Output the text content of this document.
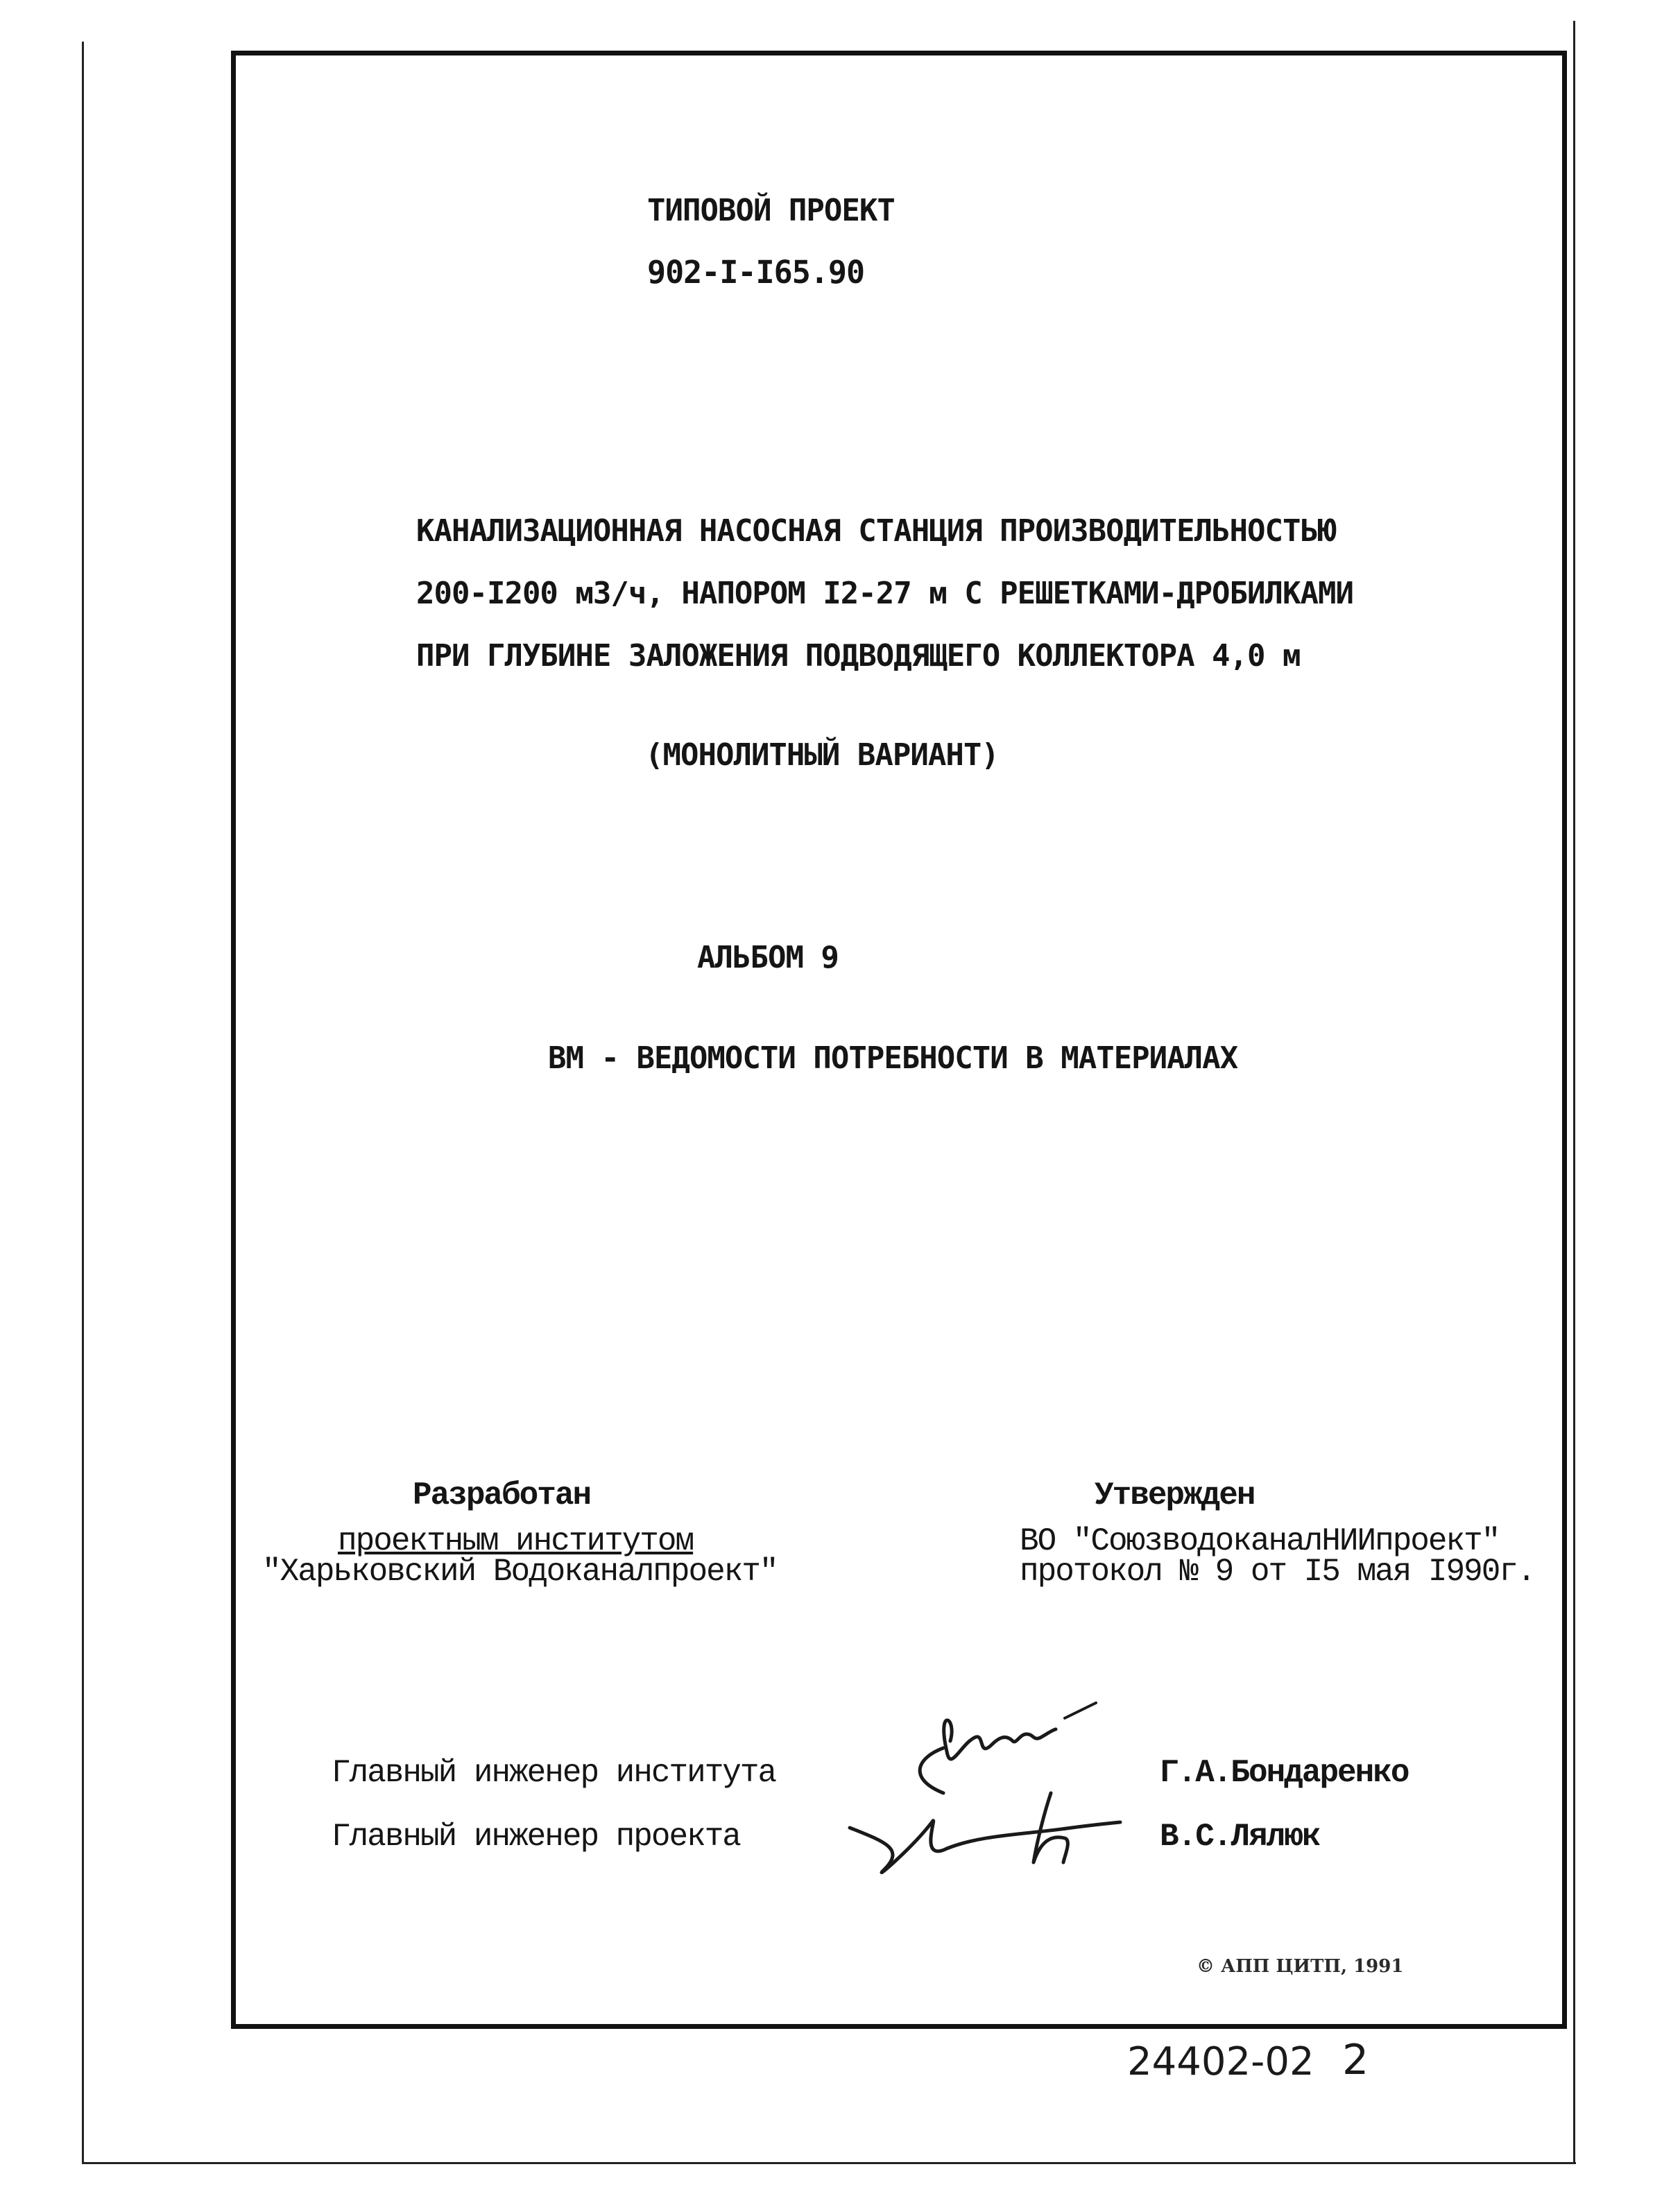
ТИПОВОЙ ПРОЕКТ
902-I-I65.90
КАНАЛИЗАЦИОННАЯ НАСОСНАЯ СТАНЦИЯ ПРОИЗВОДИТЕЛЬНОСТЬЮ
200-I200 м3/ч, НАПОРОМ I2-27 м С РЕШЕТКАМИ-ДРОБИЛКАМИ
ПРИ ГЛУБИНЕ ЗАЛОЖЕНИЯ ПОДВОДЯЩЕГО КОЛЛЕКТОРА 4,0 м
(МОНОЛИТНЫЙ ВАРИАНТ)
АЛЬБОМ 9
ВМ - ВЕДОМОСТИ ПОТРЕБНОСТИ В МАТЕРИАЛАХ
Разработан
проектным институтом
"Харьковский Водоканалпроект"
Утвержден
ВО "СоюзводоканалНИИпроект"
протокол № 9 от I5 мая I990г.
Главный инженер института	Г.А.Бондаренко
Главный инженер проекта	В.С.Лялюк
© АПП ЦИТП, 1991
24402-02 2
